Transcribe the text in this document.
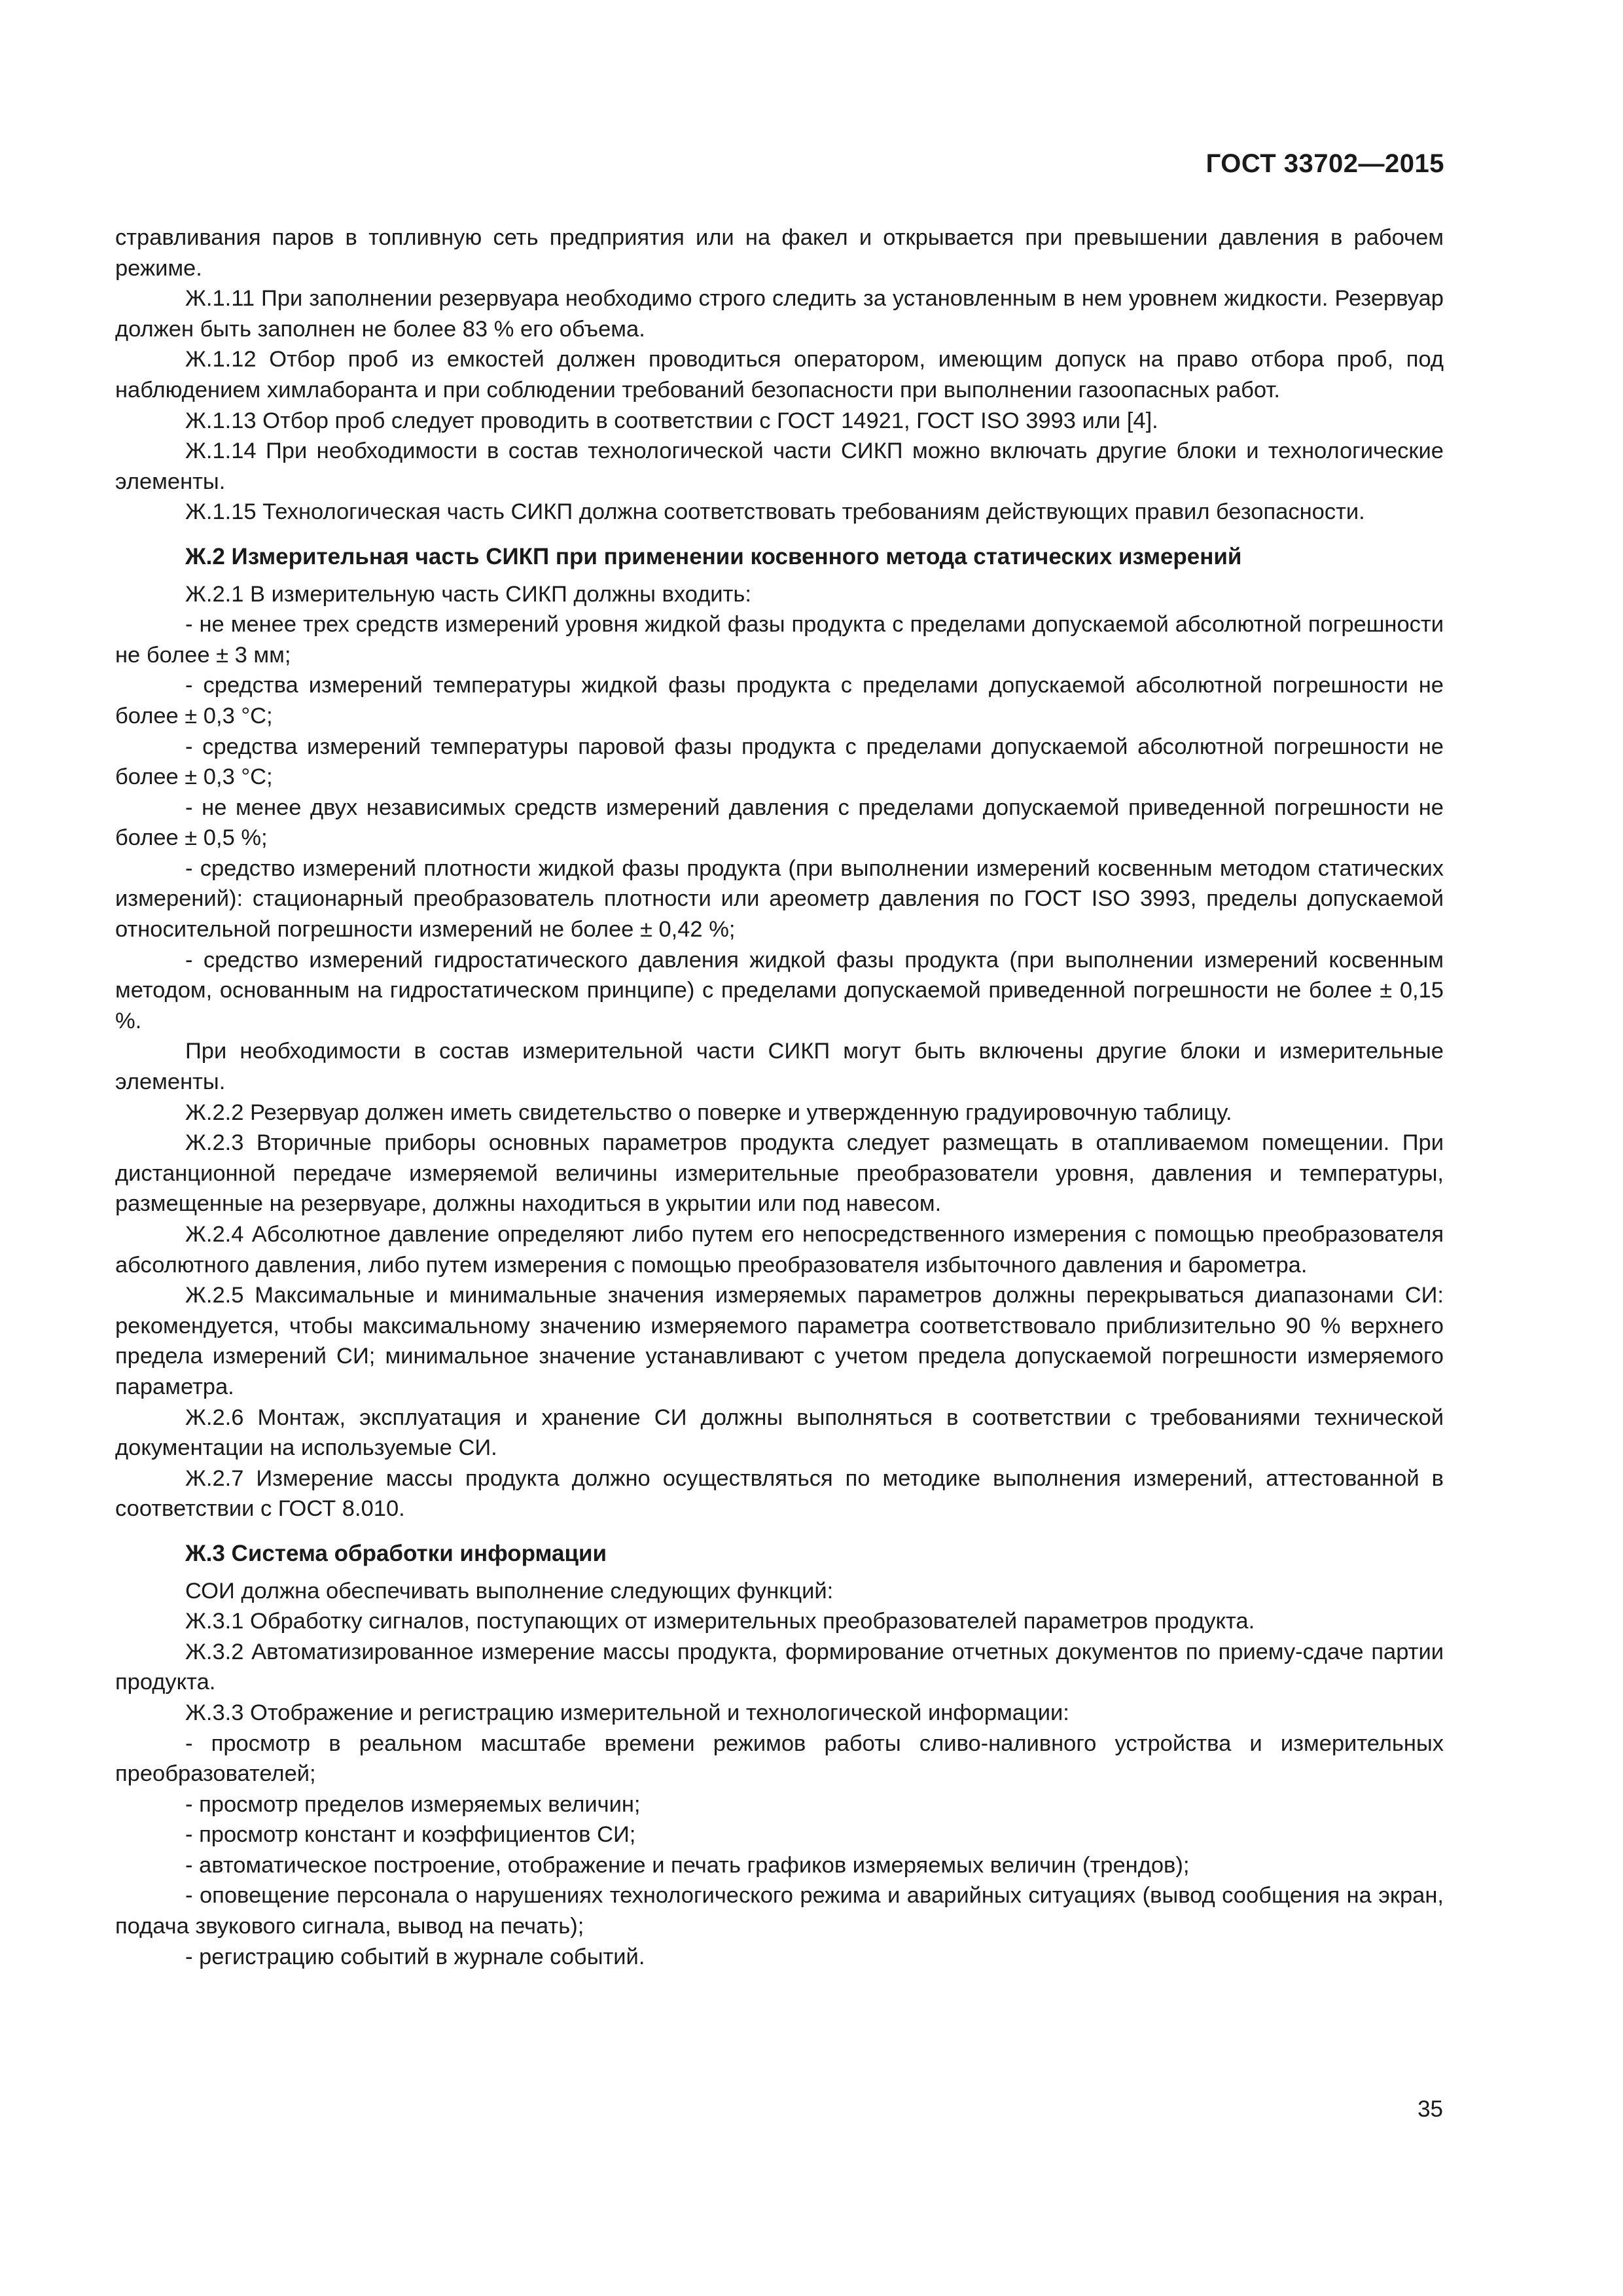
ГОСТ 33702—2015

стравливания паров в топливную сеть предприятия или на факел и открывается при превышении давления в рабочем режиме.

Ж.1.11 При заполнении резервуара необходимо строго следить за установленным в нем уровнем жидкости. Резервуар должен быть заполнен не более 83 % его объема.

Ж.1.12 Отбор проб из емкостей должен проводиться оператором, имеющим допуск на право отбора проб, под наблюдением химлаборанта и при соблюдении требований безопасности при выполнении газоопасных работ.

Ж.1.13 Отбор проб следует проводить в соответствии с ГОСТ 14921, ГОСТ ISO 3993 или [4].

Ж.1.14 При необходимости в состав технологической части СИКП можно включать другие блоки и технологические элементы.

Ж.1.15 Технологическая часть СИКП должна соответствовать требованиям действующих правил безопасности.

Ж.2 Измерительная часть СИКП при применении косвенного метода статических измерений

Ж.2.1 В измерительную часть СИКП должны входить:

- не менее трех средств измерений уровня жидкой фазы продукта с пределами допускаемой абсолютной погрешности не более ± 3 мм;

- средства измерений температуры жидкой фазы продукта с пределами допускаемой абсолютной погрешности не более ± 0,3 °С;

- средства измерений температуры паровой фазы продукта с пределами допускаемой абсолютной погрешности не более ± 0,3 °С;

- не менее двух независимых средств измерений давления с пределами допускаемой приведенной погрешности не более ± 0,5 %;

- средство измерений плотности жидкой фазы продукта (при выполнении измерений косвенным методом статических измерений): стационарный преобразователь плотности или ареометр давления по ГОСТ ISO 3993, пределы допускаемой относительной погрешности измерений не более ± 0,42 %;

- средство измерений гидростатического давления жидкой фазы продукта (при выполнении измерений косвенным методом, основанным на гидростатическом принципе) с пределами допускаемой приведенной погрешности не более ± 0,15 %.

При необходимости в состав измерительной части СИКП могут быть включены другие блоки и измерительные элементы.

Ж.2.2 Резервуар должен иметь свидетельство о поверке и утвержденную градуировочную таблицу.

Ж.2.3 Вторичные приборы основных параметров продукта следует размещать в отапливаемом помещении. При дистанционной передаче измеряемой величины измерительные преобразователи уровня, давления и температуры, размещенные на резервуаре, должны находиться в укрытии или под навесом.

Ж.2.4 Абсолютное давление определяют либо путем его непосредственного измерения с помощью преобразователя абсолютного давления, либо путем измерения с помощью преобразователя избыточного давления и барометра.

Ж.2.5 Максимальные и минимальные значения измеряемых параметров должны перекрываться диапазонами СИ: рекомендуется, чтобы максимальному значению измеряемого параметра соответствовало приблизительно 90 % верхнего предела измерений СИ; минимальное значение устанавливают с учетом предела допускаемой погрешности измеряемого параметра.

Ж.2.6 Монтаж, эксплуатация и хранение СИ должны выполняться в соответствии с требованиями технической документации на используемые СИ.

Ж.2.7 Измерение массы продукта должно осуществляться по методике выполнения измерений, аттестованной в соответствии с ГОСТ 8.010.

Ж.3 Система обработки информации

СОИ должна обеспечивать выполнение следующих функций:

Ж.3.1 Обработку сигналов, поступающих от измерительных преобразователей параметров продукта.

Ж.3.2 Автоматизированное измерение массы продукта, формирование отчетных документов по приему-сдаче партии продукта.

Ж.3.3 Отображение и регистрацию измерительной и технологической информации:

- просмотр в реальном масштабе времени режимов работы сливо-наливного устройства и измерительных преобразователей;

- просмотр пределов измеряемых величин;

- просмотр констант и коэффициентов СИ;

- автоматическое построение, отображение и печать графиков измеряемых величин (трендов);

- оповещение персонала о нарушениях технологического режима и аварийных ситуациях (вывод сообщения на экран, подача звукового сигнала, вывод на печать);

- регистрацию событий в журнале событий.

35
